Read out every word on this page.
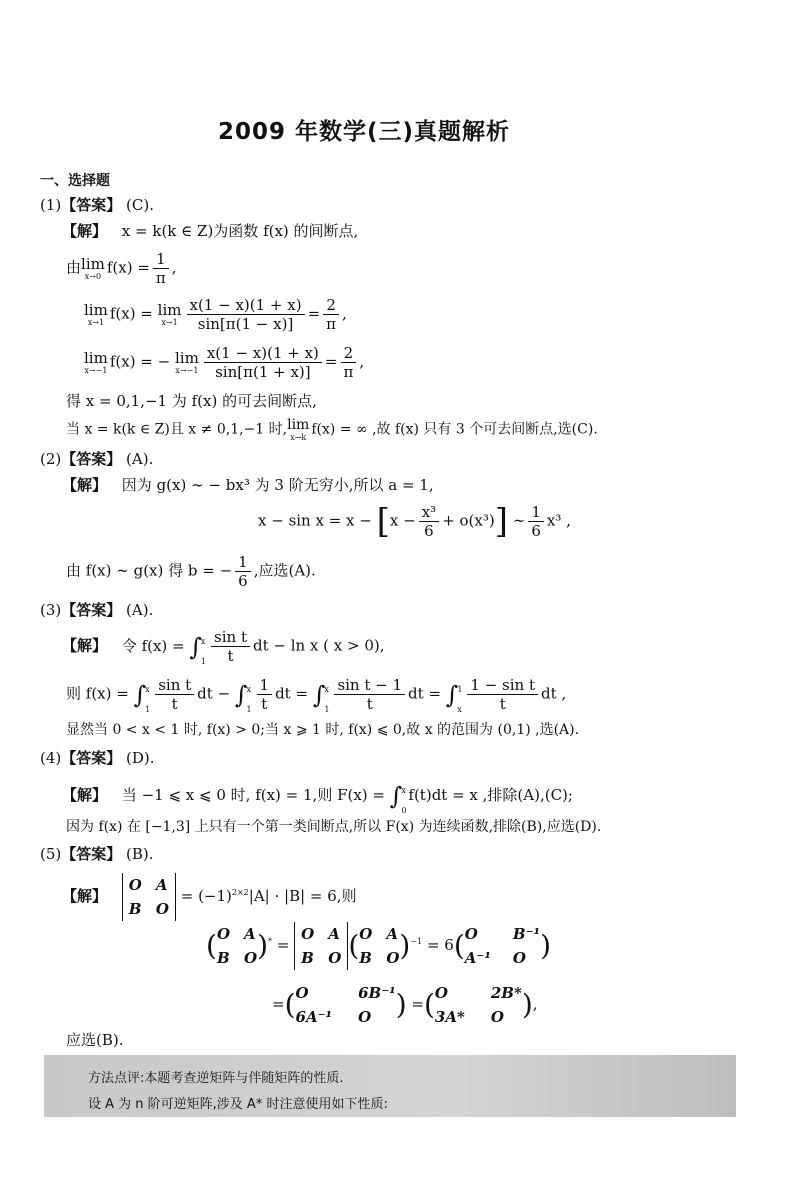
2009 年数学(三)真题解析
一、选择题
(1)【答案】 (C).
【解】 x = k(k ∈ Z)为函数 f(x) 的间断点,
由 lim
x→0 $f(x) = \frac{1}{\pi}$ ,
lim
x→1 f(x) = lim
$x\to 1 \frac{x(1 - x)(1 + x)}{\sin[\pi(1 - x)]} = \frac{2}{\pi}$ ,
lim
x→−1 f(x) = − lim
$x\to-1 \frac{x(1 - x)(1 + x)}{\sin[\pi(1 + x)]} = \frac{2}{\pi}$ ,
得 x = 0,1,−1 为 f(x) 的可去间断点,
当 x = k(k ∈ Z)且 x ≠ 0,1,−1 时, lim
x→k f(x) = ∞ ,故 f(x) 只有 3 个可去间断点,选(C).
(2)【答案】 (A).
【解】 因为 g(x) ∼ − bx³ 为 3 阶无穷小,所以 a = 1,
$x - \sin x = x - [x - \frac{\text{x³}}{6} + o(x^3)]$ ∼ $\frac{1}{6} x^3$ ,
由 f(x) ∼ g(x) 得 b = − $\frac{1}{6}$ ,应选(A).
(3)【答案】 (A).
【解】 令 f(x) = ∫ x
$1 \frac{\text{sin t}}{t}$ dt − ln x ( x > 0),
则 f(x) = ∫ x
$1 \frac{\text{sin t}}{t}$ dt − ∫ x
$1 \frac{1}{t}$ dt = ∫ x
$1 \frac{\text{sin t − 1}}{t}$ dt = ∫ 1
x $\frac{\text{1 − sin t}}{t}$ dt ,
显然当 0 < x < 1 时, f(x) > 0;当 x ⩾ 1 时, f(x) ⩽ 0,故 x 的范围为 (0,1) ,选(A).
(4)【答案】 (D).
【解】 当 −1 ⩽ x ⩽ 0 时, f(x) = 1,则 F(x) = ∫ x
0
f(t)dt = x ,排除(A),(C);
因为 f(x) 在 [−1,3] 上只有一个第一类间断点,所以 F(x) 为连续函数,排除(B),应选(D).
(5)【答案】 (B).
【解】
O A
B O
= $(-1)^{2\times 2}|A| \cdot |B| = 6$,则
( O A
B O )* =
O A
B O ( O A
B O )$^{-1}$ = 6( O	B⁻¹
A⁻¹ O )
=( O	6B⁻¹
6A⁻¹ O ) =( O	2B*
3A* O ),
应选(B).
方法点评:本题考查逆矩阵与伴随矩阵的性质.
设 A 为 n 阶可逆矩阵,涉及 A* 时注意使用如下性质:
